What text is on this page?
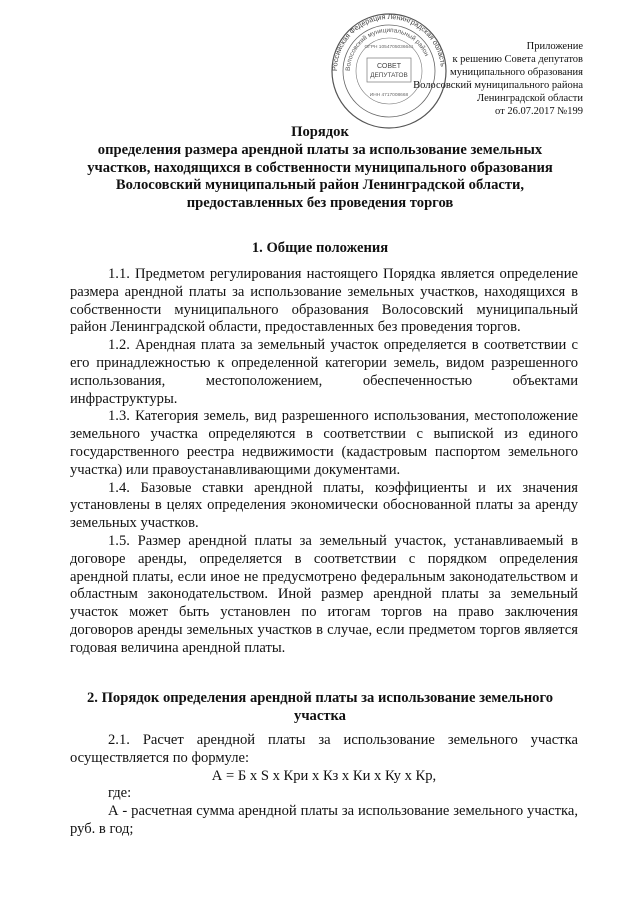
Российская Федерация Ленинградская область
Волосовский муниципальный район
СОВЕТ
ДЕПУТАТОВ
ОГРН 1054705036641
ИНН 4717008668
Приложение
к решению Совета депутатов
муниципального образования
Волосовский муниципального района
Ленинградской области
от 26.07.2017 №199
Порядок
определения размера арендной платы за использование земельных
участков, находящихся в собственности муниципального образования
Волосовский муниципальный район Ленинградской области,
предоставленных без проведения торгов
1. Общие положения

1.1. Предметом регулирования настоящего Порядка является определение размера арендной платы за использование земельных участков, находящихся в собственности муниципального образования Волосовский муниципальный район Ленинградской области, предоставленных без проведения торгов.

1.2. Арендная плата за земельный участок определяется в соответствии с его принадлежностью к определенной категории земель, видом разрешенного использования, местоположением, обеспеченностью объектами инфраструктуры.

1.3. Категория земель, вид разрешенного использования, местоположение земельного участка определяются в соответствии с выпиской из единого государственного реестра недвижимости (кадастровым паспортом земельного участка) или правоустанавливающими документами.

1.4. Базовые ставки арендной платы, коэффициенты и их значения установлены в целях определения экономически обоснованной платы за аренду земельных участков.

1.5. Размер арендной платы за земельный участок, устанавливаемый в договоре аренды, определяется в соответствии с порядком определения арендной платы, если иное не предусмотрено федеральным законодательством и областным законодательством. Иной размер арендной платы за земельный участок может быть установлен по итогам торгов на право заключения договоров аренды земельных участков в случае, если предметом торгов является годовая величина арендной платы.

2. Порядок определения арендной платы за использование земельного участка

2.1. Расчет арендной платы за использование земельного участка осуществляется по формуле:

А = Б х S х Кри х Кз х Ки х Ку х Кр,

где:

А - расчетная сумма арендной платы за использование земельного участка, руб. в год;
